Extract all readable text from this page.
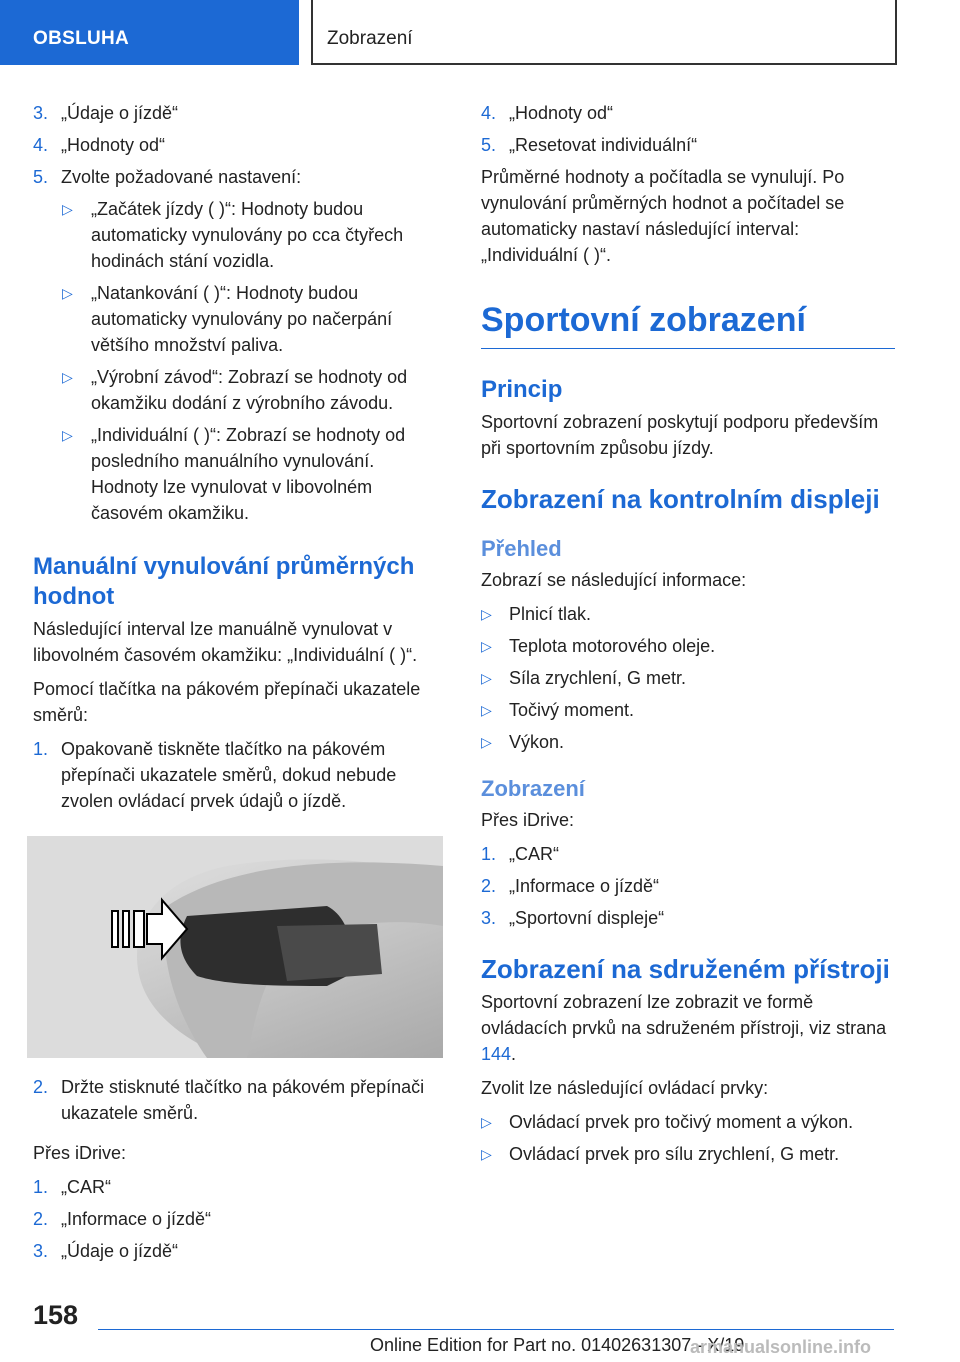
OBSLUHA	Zobrazení
3. „Údaje o jízdě“
4. „Hodnoty od“
5. Zvolte požadované nastavení:
▷ „Začátek jízdy ( )“: Hodnoty budou automaticky vynulovány po cca čtyřech hodinách stání vozidla.
▷ „Natankování ( )“: Hodnoty budou automaticky vynulovány po načerpání většího množství paliva.
▷ „Výrobní závod“: Zobrazí se hodnoty od okamžiku dodání z výrobního závodu.
▷ „Individuální ( )“: Zobrazí se hodnoty od posledního manuálního vynulování. Hodnoty lze vynulovat v libovolném časovém okamžiku.
Manuální vynulování průměrných hodnot

Následující interval lze manuálně vynulovat v libovolném časovém okamžiku: „Individuální ( )“.

Pomocí tlačítka na pákovém přepínači ukazatele směrů:

1. Opakovaně tiskněte tlačítko na pákovém přepínači ukazatele směrů, dokud nebude zvolen ovládací prvek údajů o jízdě.
2. Držte stisknuté tlačítko na pákovém přepínači ukazatele směrů.

Přes iDrive:

1. „CAR“
2. „Informace o jízdě“
3. „Údaje o jízdě“
4. „Hodnoty od“
5. „Resetovat individuální“

Průměrné hodnoty a počítadla se vynulují. Po vynulování průměrných hodnot a počítadel se automaticky nastaví následující interval: „Individuální ( )“.

Sportovní zobrazení
Princip

Sportovní zobrazení poskytují podporu především při sportovním způsobu jízdy.

Zobrazení na kontrolním displeji
Přehled

Zobrazí se následující informace:

▷ Plnicí tlak.
▷ Teplota motorového oleje.
▷ Síla zrychlení, G metr.
▷ Točivý moment.
▷ Výkon.
Zobrazení

Přes iDrive:

1. „CAR“
2. „Informace o jízdě“
3. „Sportovní displeje“
Zobrazení na sdruženém přístroji

Sportovní zobrazení lze zobrazit ve formě ovládacích prvků na sdruženém přístroji, viz strana 144.

Zvolit lze následující ovládací prvky:

▷ Ovládací prvek pro točivý moment a výkon.
▷ Ovládací prvek pro sílu zrychlení, G metr.
158
Online Edition for Part no. 01402631307 - X/19
armanualsonline.info
